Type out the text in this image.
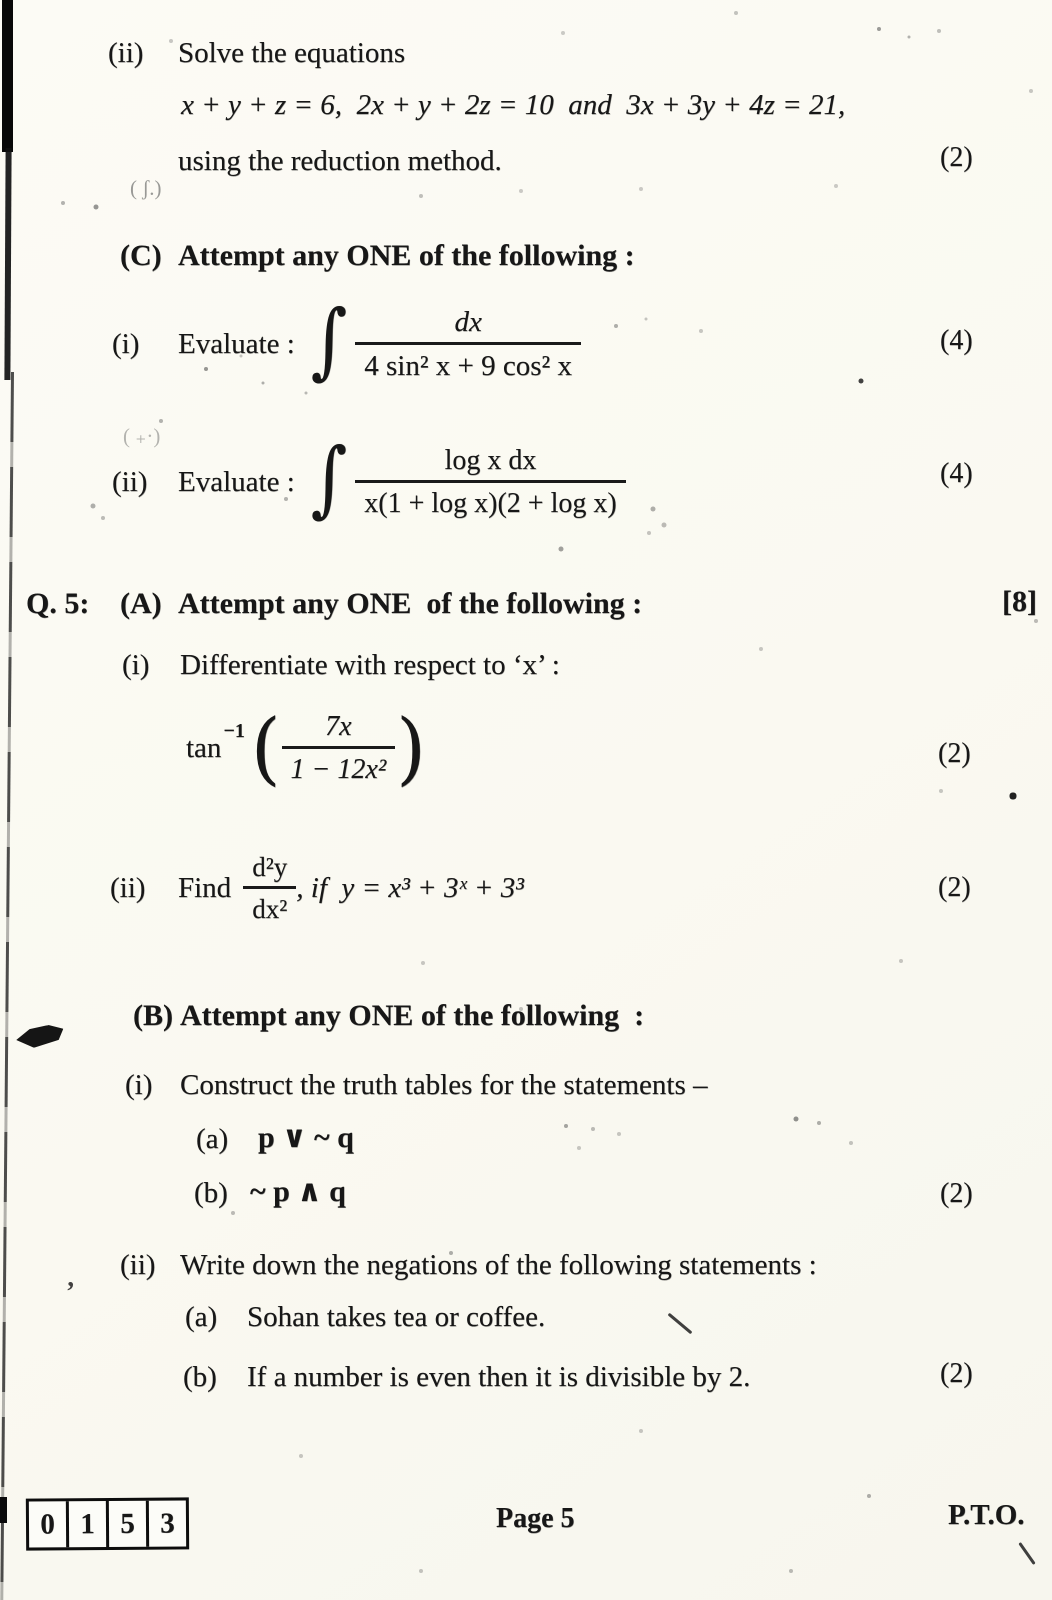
( ʃ.)
( ₊·)
’
(ii) Solve the equations
x + y + z = 6,  2x + y + 2z = 10  and  3x + 3y + 4z = 21,
using the reduction method.	(2)
(C) Attempt any ONE of the following :
(i)	Evaluate : ∫ $\frac{dx}{\text{4 sin² x + 9 cos² x}}$	(4)
(ii)	Evaluate : ∫ $\frac{\text{log x dx}}{\text{x(1 + log x)(2 + log x)}}$	(4)
Q. 5: (A) Attempt any ONE  of the following :	[8]
(i) Differentiate with respect to ‘x’ :
tan
−1 ( $\frac{7x}{\text{1 − 12x²}}$ )	(2)
(ii)	Find $\frac{\text{d²y}}{\text{dx²}}$ , if  y = x³ + 3ˣ + 3³	(2)
(B) Attempt any ONE of the following  :
(i) Construct the truth tables for the statements –
(a) p ∨ ~ q
(b) ~ p ∧ q	(2)
(ii) Write down the negations of the following statements :
(a) Sohan takes tea or coffee.
(b) If a number is even then it is divisible by 2.	(2)
0 1 5 3	Page 5	P.T.O.
